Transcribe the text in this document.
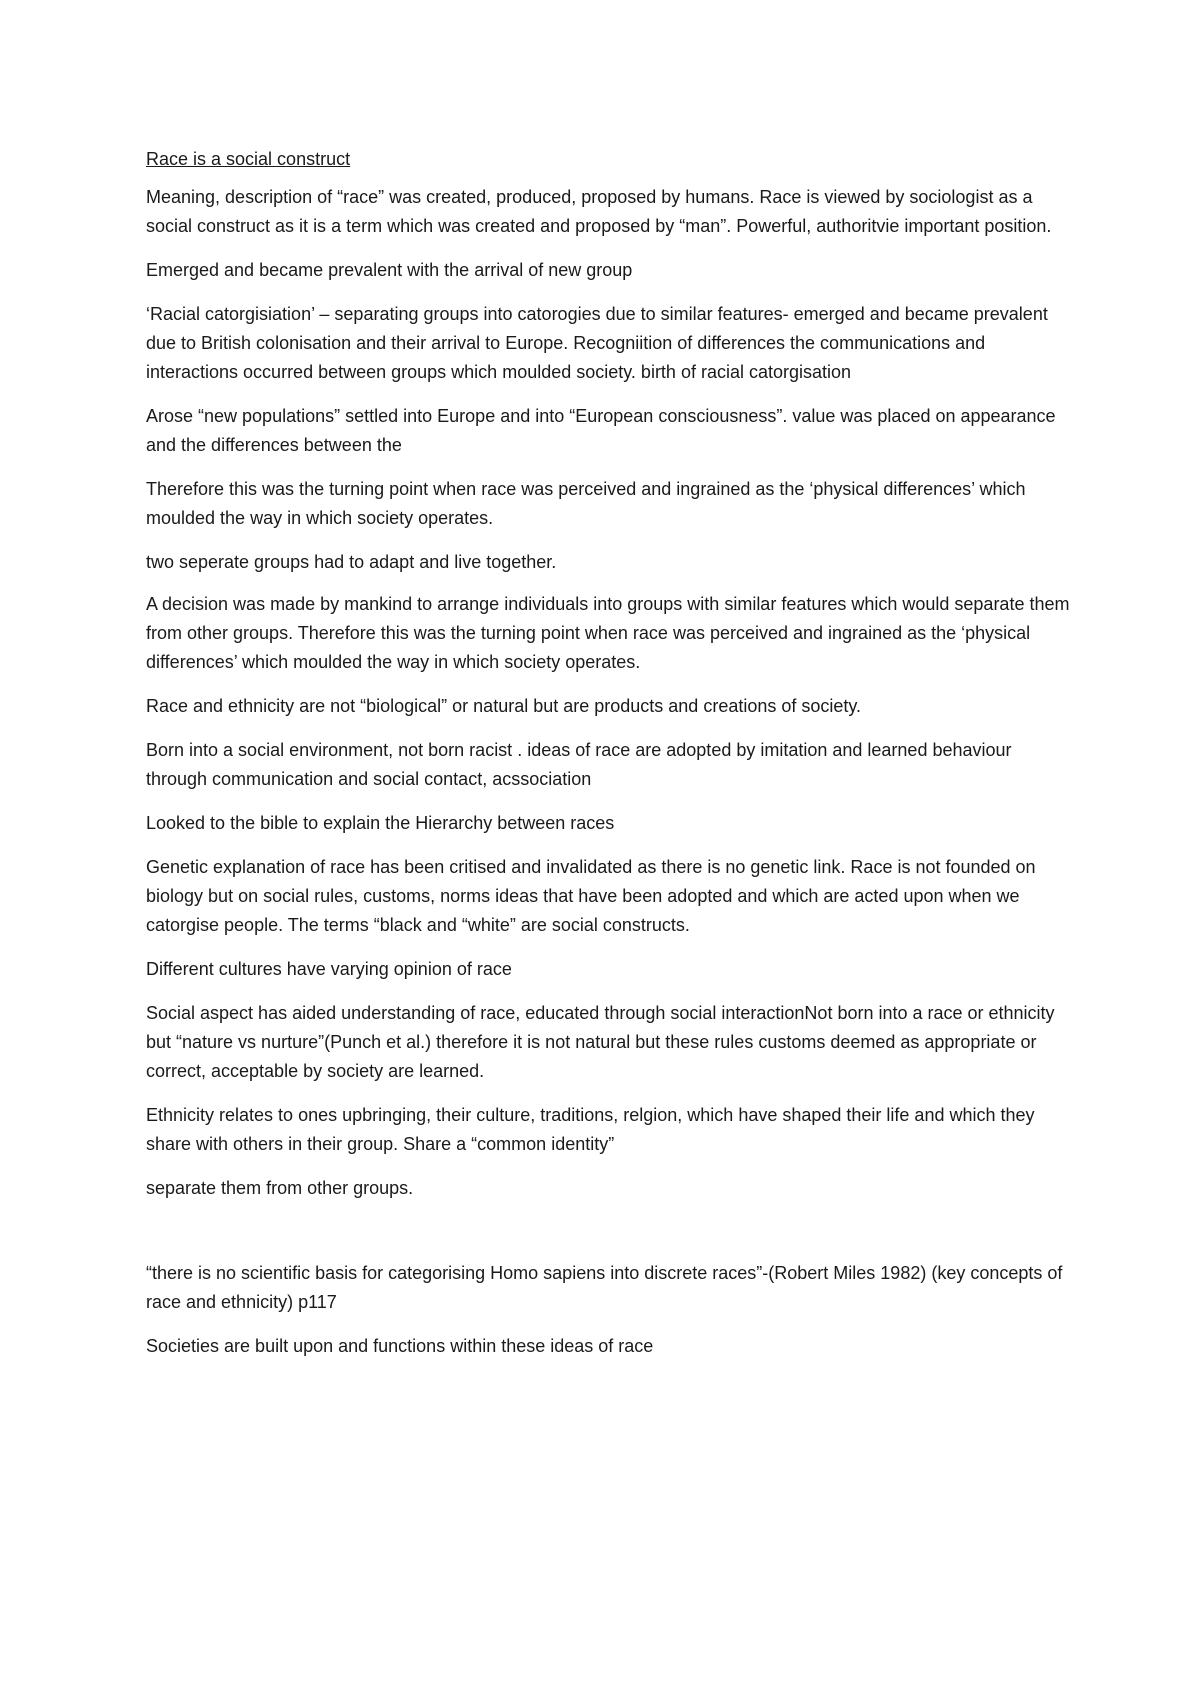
Race is a social construct

Meaning, description of “race” was created, produced, proposed by humans. Race is viewed by sociologist as a social construct as it is a term which was created and proposed by “man”. Powerful, authoritvie important position.

Emerged and became prevalent with the arrival of new group

‘Racial catorgisiation’ – separating groups into catorogies due to similar features- emerged and became prevalent due to British colonisation and their arrival to Europe. Recogniition of differences the communications and interactions occurred between groups which moulded society. birth of racial catorgisation

Arose “new populations” settled into Europe and into “European consciousness”. value was placed on appearance and the differences between the

Therefore this was the turning point when race was perceived and ingrained as the ‘physical differences’ which moulded the way in which society operates.

two seperate groups had to adapt and live together.

A decision was made by mankind to arrange individuals into groups with similar features which would separate them from other groups. Therefore this was the turning point when race was perceived and ingrained as the ‘physical differences’ which moulded the way in which society operates.

Race and ethnicity are not “biological” or natural but are products and creations of society.

Born into a social environment, not born racist . ideas of race are adopted by imitation and learned behaviour through communication and social contact, acssociation

Looked to the bible to explain the Hierarchy between races

Genetic explanation of race has been critised and invalidated as there is no genetic link. Race is not founded on biology but on social rules, customs, norms ideas that have been adopted and which are acted upon when we catorgise people. The terms “black and “white” are social constructs.

Different cultures have varying opinion of race

Social aspect has aided understanding of race, educated through social interactionNot born into a race or ethnicity but “nature vs nurture”(Punch et al.) therefore it is not natural but these rules customs deemed as appropriate or correct, acceptable by society are learned.

Ethnicity relates to ones upbringing, their culture, traditions, relgion, which have shaped their life and which they share with others in their group. Share a “common identity”

separate them from other groups.

“there is no scientific basis for categorising Homo sapiens into discrete races”-(Robert Miles 1982) (key concepts of race and ethnicity) p117

Societies are built upon and functions within these ideas of race
